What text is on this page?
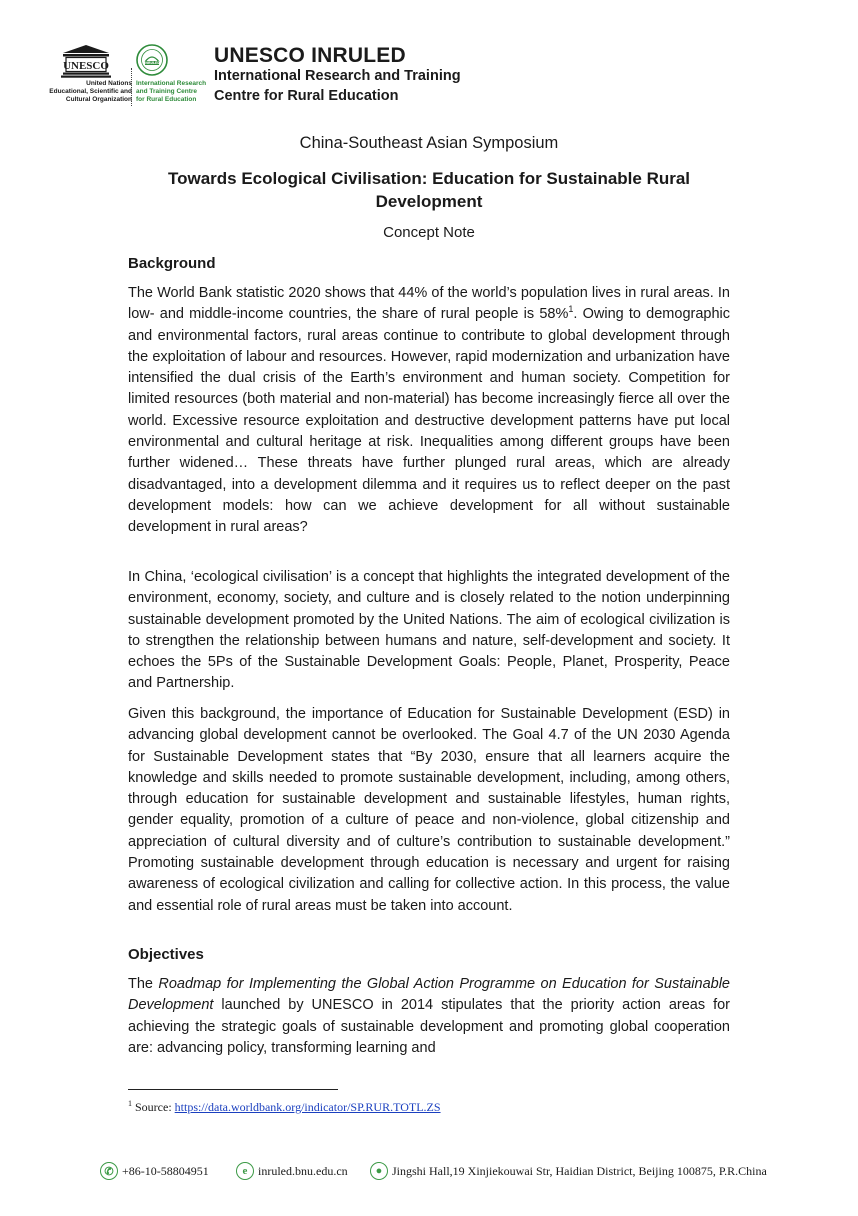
UNESCO
United Nations
Educational, Scientific and
Cultural Organization
INRULED
International Research
and Training Centre
for Rural Education
UNESCO INRULED
International Research and Training
Centre for Rural Education
China-Southeast Asian Symposium
Towards Ecological Civilisation: Education for Sustainable Rural Development
Concept Note
Background
The World Bank statistic 2020 shows that 44% of the world’s population lives in rural areas. In low- and middle-income countries, the share of rural people is 58%$^1$. Owing to demographic and environmental factors, rural areas continue to contribute to global development through the exploitation of labour and resources. However, rapid modernization and urbanization have intensified the dual crisis of the Earth’s environment and human society. Competition for limited resources (both material and non-material) has become increasingly fierce all over the world. Excessive resource exploitation and destructive development patterns have put local environmental and cultural heritage at risk. Inequalities among different groups have been further widened… These threats have further plunged rural areas, which are already disadvantaged, into a development dilemma and it requires us to reflect deeper on the past development models: how can we achieve development for all without sustainable development in rural areas?
In China, ‘ecological civilisation’ is a concept that highlights the integrated development of the environment, economy, society, and culture and is closely related to the notion underpinning sustainable development promoted by the United Nations. The aim of ecological civilization is to strengthen the relationship between humans and nature, self-development and society. It echoes the 5Ps of the Sustainable Development Goals: People, Planet, Prosperity, Peace and Partnership.
Given this background, the importance of Education for Sustainable Development (ESD) in advancing global development cannot be overlooked. The Goal 4.7 of the UN 2030 Agenda for Sustainable Development states that “By 2030, ensure that all learners acquire the knowledge and skills needed to promote sustainable development, including, among others, through education for sustainable development and sustainable lifestyles, human rights, gender equality, promotion of a culture of peace and non-violence, global citizenship and appreciation of cultural diversity and of culture’s contribution to sustainable development.” Promoting sustainable development through education is necessary and urgent for raising awareness of ecological civilization and calling for collective action. In this process, the value and essential role of rural areas must be taken into account.
Objectives
The Roadmap for Implementing the Global Action Programme on Education for Sustainable Development launched by UNESCO in 2014 stipulates that the priority action areas for achieving the strategic goals of sustainable development and promoting global cooperation are: advancing policy, transforming learning and
$^1$ Source: https://data.worldbank.org/indicator/SP.RUR.TOTL.ZS
✆ +86-10-58804951	e inruled.bnu.edu.cn	● Jingshi Hall,19 Xinjiekouwai Str, Haidian District, Beijing 100875, P.R.China
